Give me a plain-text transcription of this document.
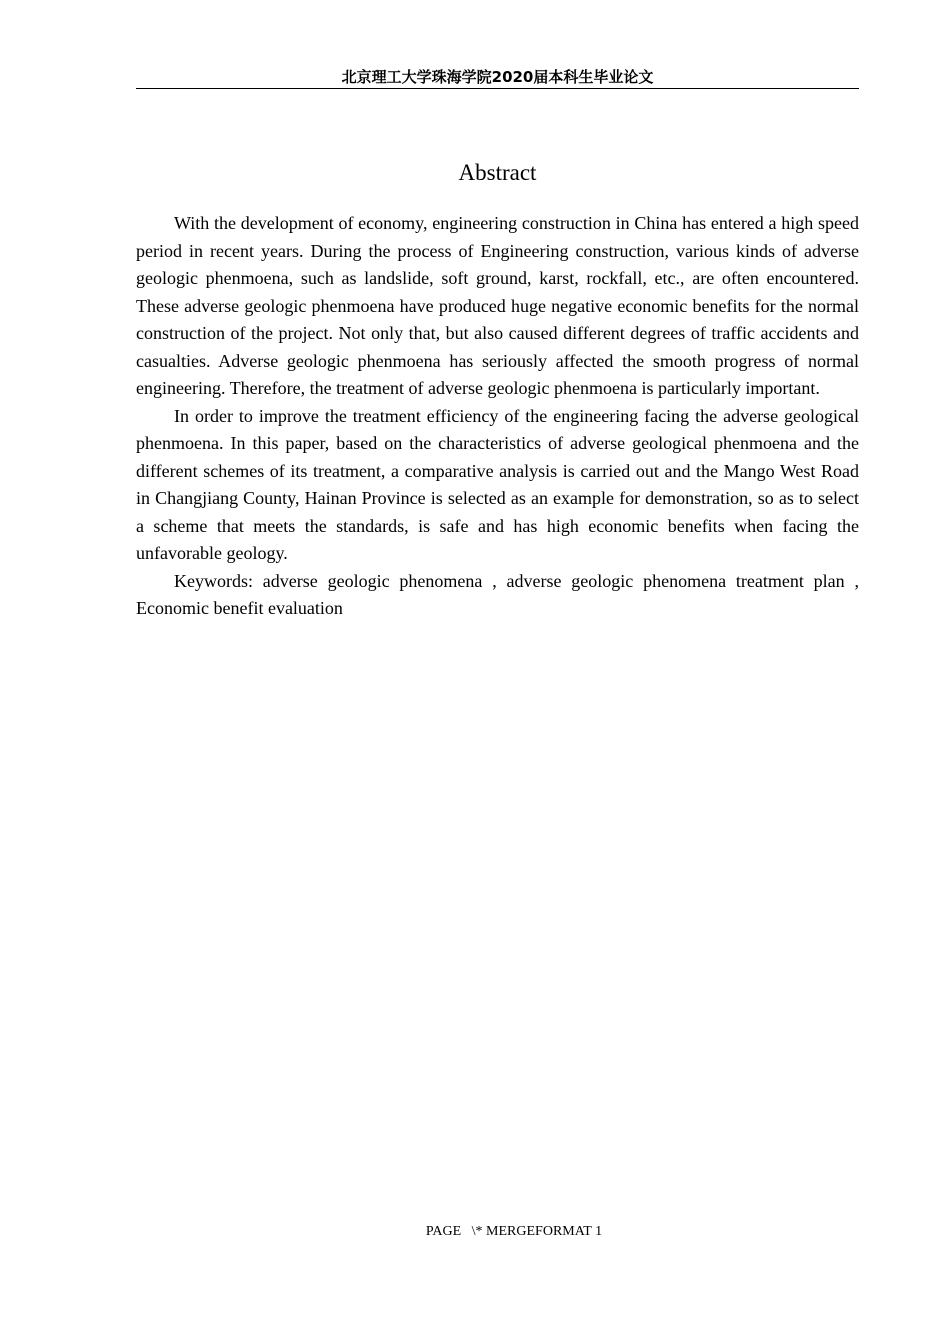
北京理工大学珠海学院2020届本科生毕业论文
Abstract

With the development of economy, engineering construction in China has entered a high speed period in recent years. During the process of Engineering construction, various kinds of adverse geologic phenmoena, such as landslide, soft ground, karst, rockfall, etc., are often encountered. These adverse geologic phenmoena have produced huge negative economic benefits for the normal construction of the project. Not only that, but also caused different degrees of traffic accidents and casualties. Adverse geologic phenmoena has seriously affected the smooth progress of normal engineering. Therefore, the treatment of adverse geologic phenmoena is particularly important.

In order to improve the treatment efficiency of the engineering facing the adverse geological phenmoena. In this paper, based on the characteristics of adverse geological phenmoena and the different schemes of its treatment, a comparative analysis is carried out and the Mango West Road in Changjiang County, Hainan Province is selected as an example for demonstration, so as to select a scheme that meets the standards, is safe and has high economic benefits when facing the unfavorable geology.

Keywords: adverse geologic phenomena , adverse geologic phenomena treatment plan , Economic benefit evaluation

PAGE   \* MERGEFORMAT 1
